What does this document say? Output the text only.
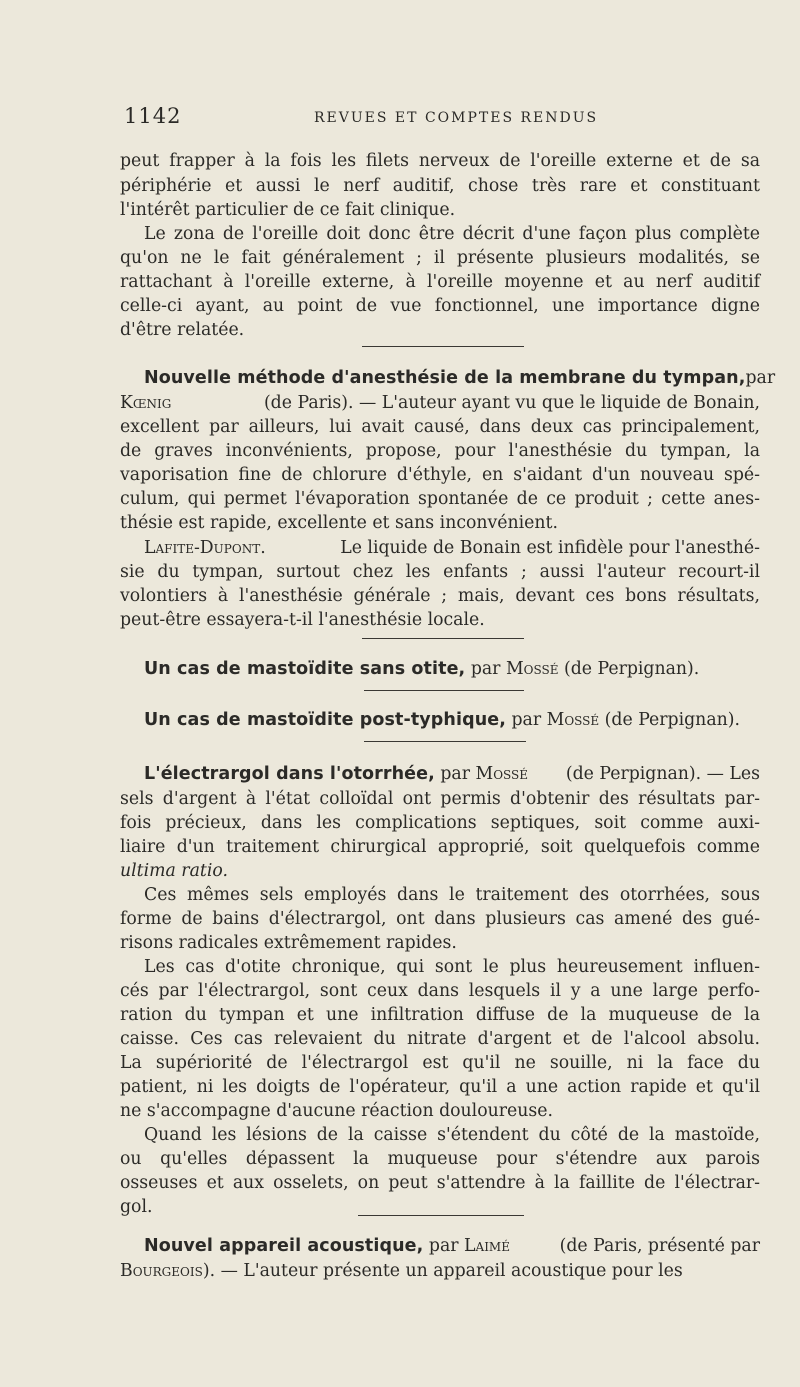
1142	REVUES ET COMPTES RENDUS
peut frapper à la fois les filets nerveux de l'oreille externe et de sa
périphérie et aussi le nerf auditif, chose très rare et constituant
l'intérêt particulier de ce fait clinique.
Le zona de l'oreille doit donc être décrit d'une façon plus complète
qu'on ne le fait généralement ; il présente plusieurs modalités, se
rattachant à l'oreille externe, à l'oreille moyenne et au nerf auditif
celle-ci ayant, au point de vue fonctionnel, une importance digne
d'être relatée.
Nouvelle méthode d'anesthésie de la membrane du tympan, par
Kœnig	(de Paris). — L'auteur ayant vu que le liquide de Bonain,
excellent par ailleurs, lui avait causé, dans deux cas principalement,
de graves inconvénients, propose, pour l'anesthésie du tympan, la
vaporisation fine de chlorure d'éthyle, en s'aidant d'un nouveau spé-
culum, qui permet l'évaporation spontanée de ce produit ; cette anes-
thésie est rapide, excellente et sans inconvénient.
Lafite-Dupont.	Le liquide de Bonain est infidèle pour l'anesthé-
sie du tympan, surtout chez les enfants ; aussi l'auteur recourt-il
volontiers à l'anesthésie générale ; mais, devant ces bons résultats,
peut-être essayera-t-il l'anesthésie locale.
Un cas de mastoïdite sans otite, par Mossé (de Perpignan).
Un cas de mastoïdite post-typhique, par Mossé (de Perpignan).
L'électrargol dans l'otorrhée, par Mossé (de Perpignan). — Les
sels d'argent à l'état colloïdal ont permis d'obtenir des résultats par-
fois précieux, dans les complications septiques, soit comme auxi-
liaire d'un traitement chirurgical approprié, soit quelquefois comme
ultima ratio.
Ces mêmes sels employés dans le traitement des otorrhées, sous
forme de bains d'électrargol, ont dans plusieurs cas amené des gué-
risons radicales extrêmement rapides.
Les cas d'otite chronique, qui sont le plus heureusement influen-
cés par l'électrargol, sont ceux dans lesquels il y a une large perfo-
ration du tympan et une infiltration diffuse de la muqueuse de la
caisse. Ces cas relevaient du nitrate d'argent et de l'alcool absolu.
La supériorité de l'électrargol est qu'il ne souille, ni la face du
patient, ni les doigts de l'opérateur, qu'il a une action rapide et qu'il
ne s'accompagne d'aucune réaction douloureuse.
Quand les lésions de la caisse s'étendent du côté de la mastoïde,
ou qu'elles dépassent la muqueuse pour s'étendre aux parois
osseuses et aux osselets, on peut s'attendre à la faillite de l'électrar-
gol.
Nouvel appareil acoustique, par Laimé	(de Paris, présenté par
Bourgeois). — L'auteur présente un appareil acoustique pour les
